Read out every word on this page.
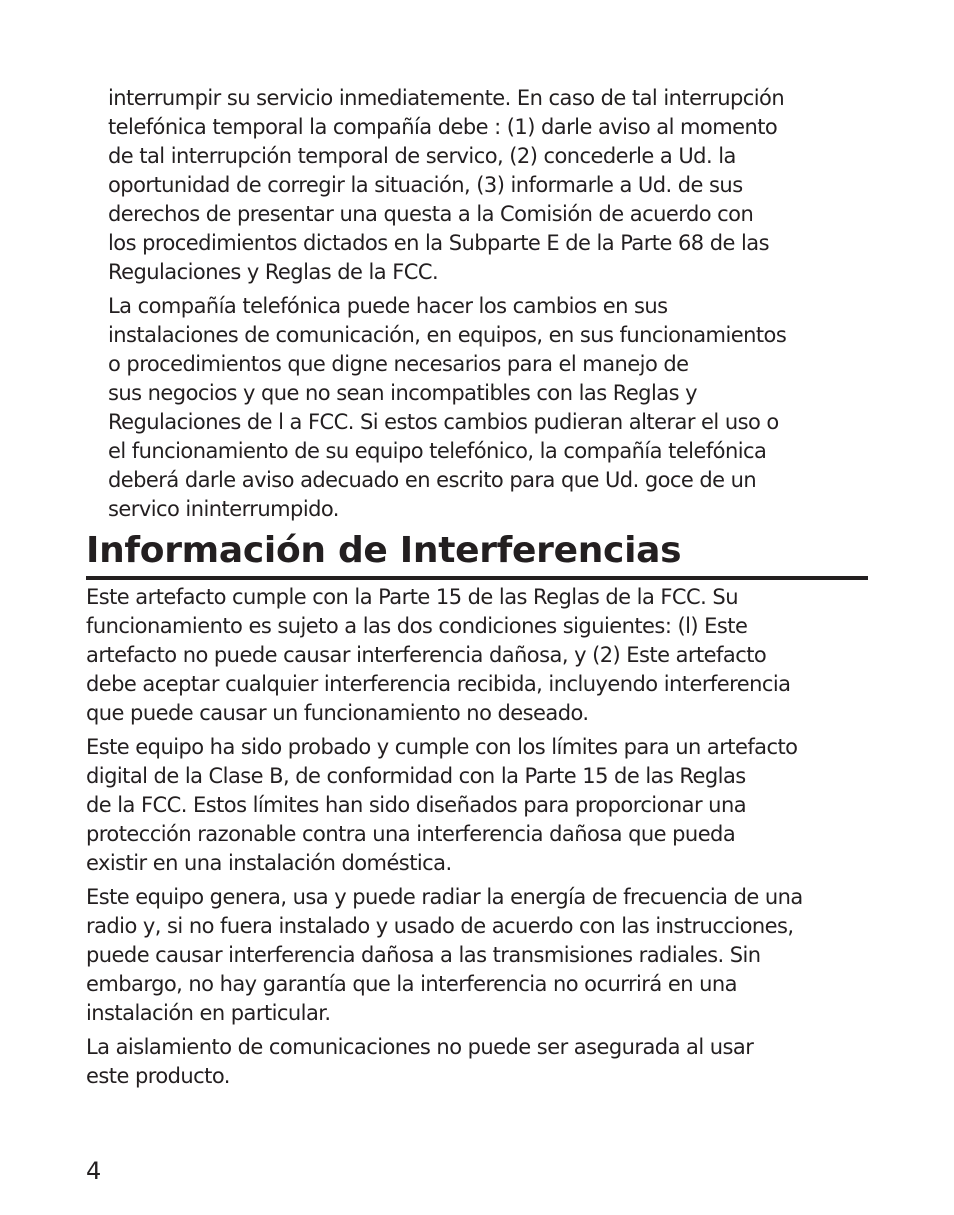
interrumpir su servicio inmediatemente. En caso de tal interrupción
telefónica temporal la compañía debe : (1) darle aviso al momento
de tal interrupción temporal de servico, (2) concederle a Ud. la
oportunidad de corregir la situación, (3) informarle a Ud. de sus
derechos de presentar una questa a la Comisión de acuerdo con
los procedimientos dictados en la Subparte E de la Parte 68 de las
Regulaciones y Reglas de la FCC.

La compañía telefónica puede hacer los cambios en sus
instalaciones de comunicación, en equipos, en sus funcionamientos
o procedimientos que digne necesarios para el manejo de
sus negocios y que no sean incompatibles con las Reglas y
Regulaciones de l a FCC. Si estos cambios pudieran alterar el uso o
el funcionamiento de su equipo telefónico, la compañía telefónica
deberá darle aviso adecuado en escrito para que Ud. goce de un
servico ininterrumpido.

Información de Interferencias

Este artefacto cumple con la Parte 15 de las Reglas de la FCC. Su
funcionamiento es sujeto a las dos condiciones siguientes: (l) Este
artefacto no puede causar interferencia dañosa, y (2) Este artefacto
debe aceptar cualquier interferencia recibida, incluyendo interferencia
que puede causar un funcionamiento no deseado.

Este equipo ha sido probado y cumple con los límites para un artefacto
digital de la Clase B, de conformidad con la Parte 15 de las Reglas
de la FCC. Estos límites han sido diseñados para proporcionar una
protección razonable contra una interferencia dañosa que pueda
existir en una instalación doméstica.

Este equipo genera, usa y puede radiar la energía de frecuencia de una
radio y, si no fuera instalado y usado de acuerdo con las instrucciones,
puede causar interferencia dañosa a las transmisiones radiales. Sin
embargo, no hay garantía que la interferencia no ocurrirá en una
instalación en particular.

La aislamiento de comunicaciones no puede ser asegurada al usar
este producto.

4
